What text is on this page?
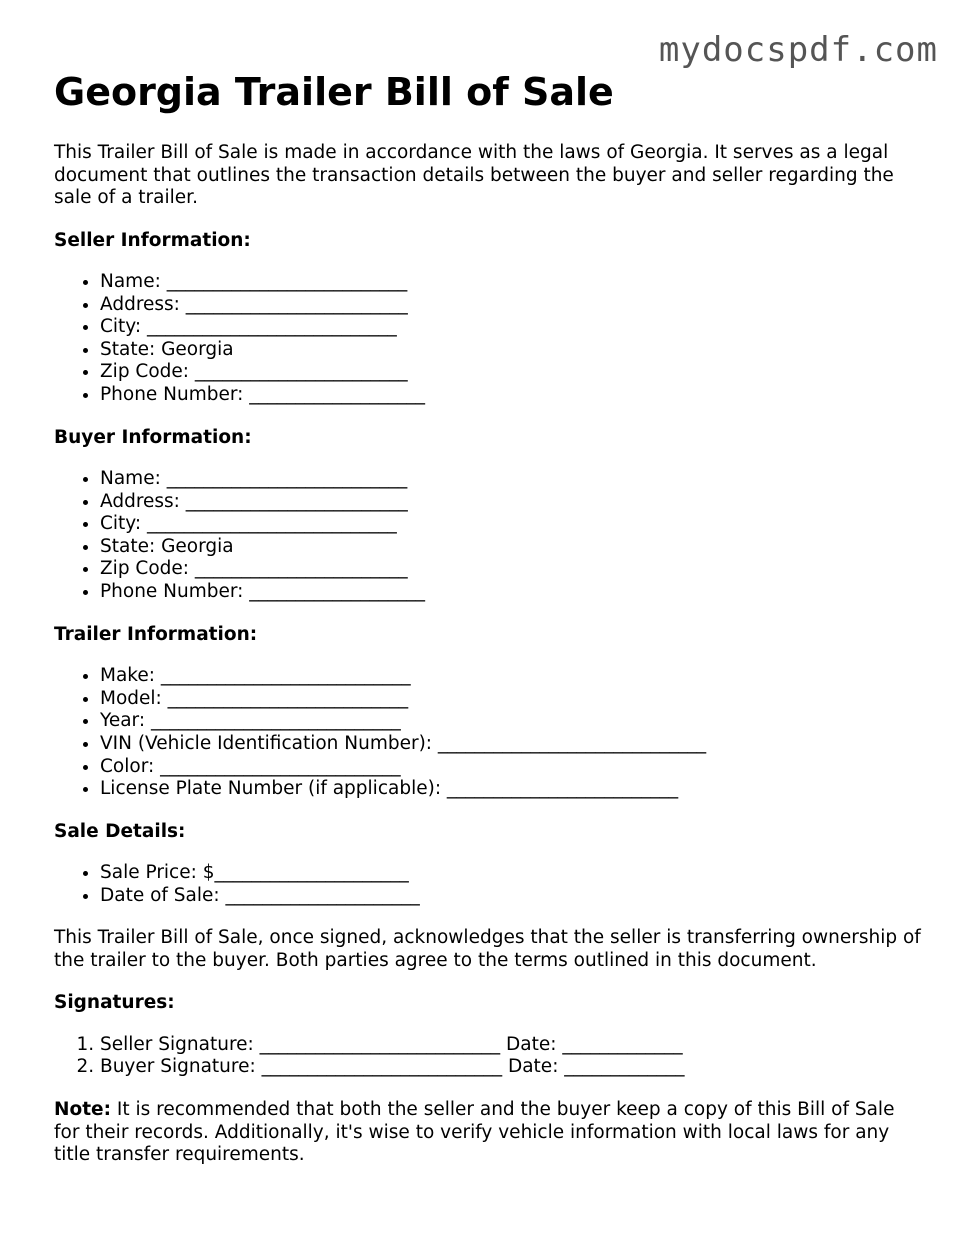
mydocspdf.com
Georgia Trailer Bill of Sale

This Trailer Bill of Sale is made in accordance with the laws of Georgia. It serves as a legal document that outlines the transaction details between the buyer and seller regarding the sale of a trailer.

Seller Information:
• Name: __________________________
• Address: ________________________
• City: ___________________________
• State: Georgia
• Zip Code: _______________________
• Phone Number: ___________________
Buyer Information:
• Name: __________________________
• Address: ________________________
• City: ___________________________
• State: Georgia
• Zip Code: _______________________
• Phone Number: ___________________
Trailer Information:
• Make: ___________________________
• Model: __________________________
• Year: ___________________________
• VIN (Vehicle Identification Number): _____________________________
• Color: __________________________
• License Plate Number (if applicable): _________________________
Sale Details:
• Sale Price: $_____________________
• Date of Sale: _____________________

This Trailer Bill of Sale, once signed, acknowledges that the seller is transferring ownership of the trailer to the buyer. Both parties agree to the terms outlined in this document.

Signatures:
1. Seller Signature: __________________________ Date: _____________
2. Buyer Signature: __________________________ Date: _____________

Note: It is recommended that both the seller and the buyer keep a copy of this Bill of Sale for their records. Additionally, it's wise to verify vehicle information with local laws for any title transfer requirements.
